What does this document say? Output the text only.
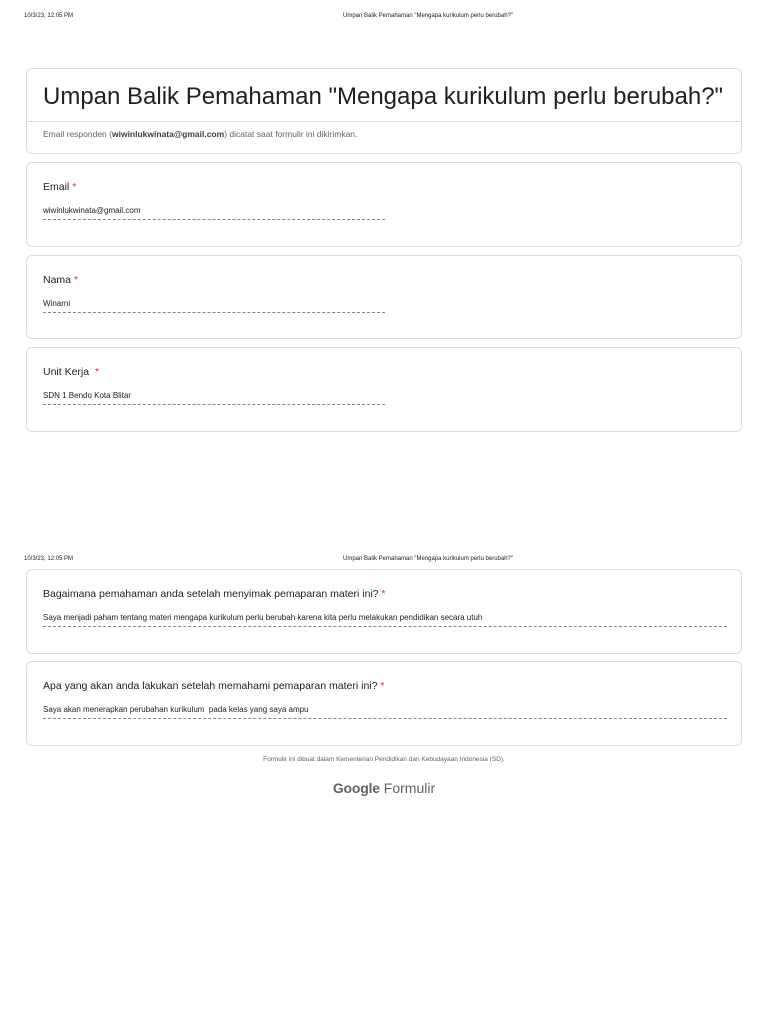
10/3/23, 12:05 PM	Umpan Balik Pemahaman "Mengapa kurikulum perlu berubah?"
Umpan Balik Pemahaman "Mengapa kurikulum perlu berubah?"
Email responden (wiwinlukwinata@gmail.com) dicatat saat formulir ini dikirimkan.
Email *
wiwinlukwinata@gmail.com
Nama *
Winarni
Unit Kerja  *
SDN 1 Bendo Kota Blitar
10/3/23, 12:05 PM	Umpan Balik Pemahaman "Mengapa kurikulum perlu berubah?"
Bagaimana pemahaman anda setelah menyimak pemaparan materi ini? *
Saya menjadi paham tentang materi mengapa kurikulum perlu berubah karena kita perlu melakukan pendidikan secara utuh
Apa yang akan anda lakukan setelah memahami pemaparan materi ini? *
Saya akan menerapkan perubahan kurikulum  pada kelas yang saya ampu
Formulir ini dibuat dalam Kementerian Pendidikan dan Kebudayaan Indonesia (SD).
Google Formulir
